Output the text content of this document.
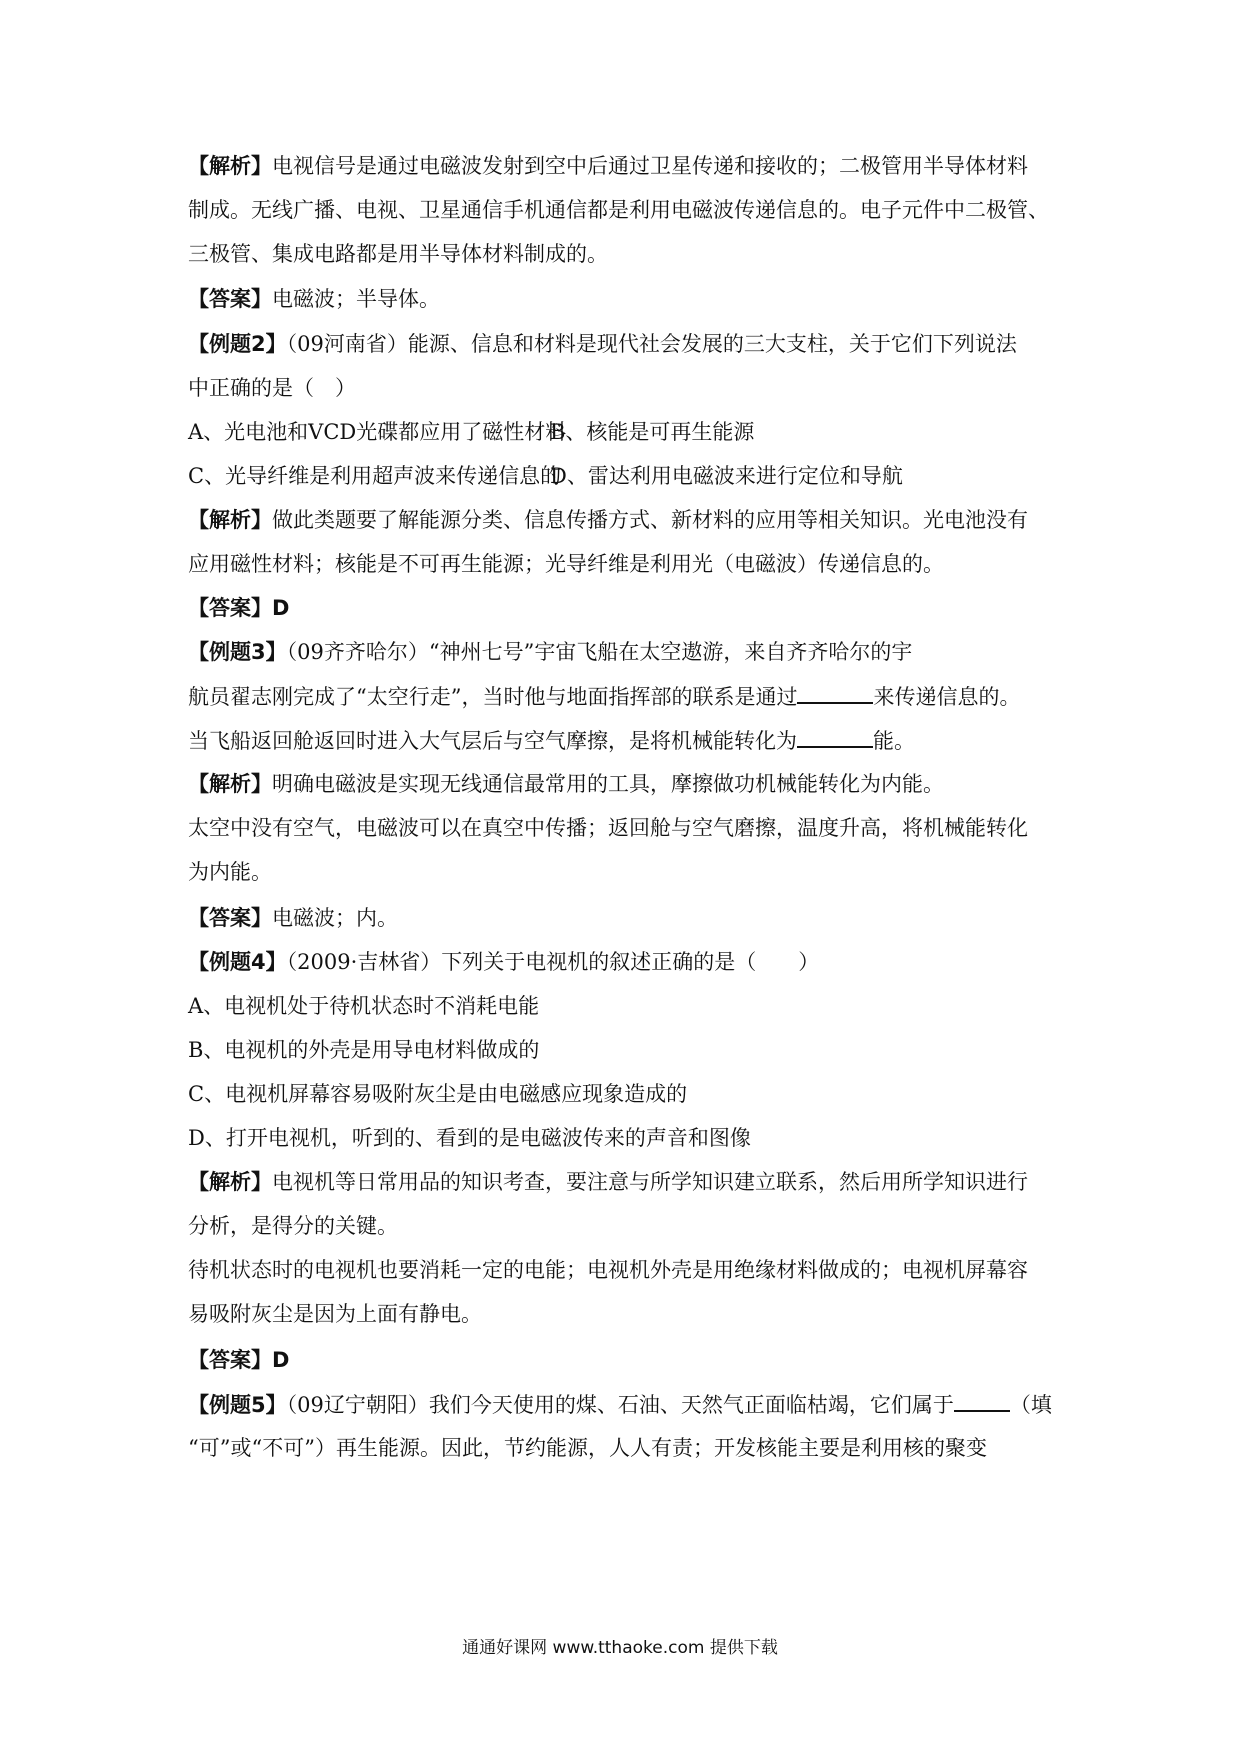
【解析】电视信号是通过电磁波发射到空中后通过卫星传递和接收的；二极管用半导体材料
制成。无线广播、电视、卫星通信手机通信都是利用电磁波传递信息的。电子元件中二极管、
三极管、集成电路都是用半导体材料制成的。
【答案】电磁波；半导体。
【例题2】（09河南省）能源、信息和材料是现代社会发展的三大支柱，关于它们下列说法
中正确的是（　）
A、光电池和VCD光碟都应用了磁性材料
B、核能是可再生能源
C、光导纤维是利用超声波来传递信息的
D、雷达利用电磁波来进行定位和导航
【解析】做此类题要了解能源分类、信息传播方式、新材料的应用等相关知识。光电池没有
应用磁性材料；核能是不可再生能源；光导纤维是利用光（电磁波）传递信息的。
【答案】D
【例题3】（09齐齐哈尔）“神州七号”宇宙飞船在太空遨游，来自齐齐哈尔的宇
航员翟志刚完成了“太空行走”，当时他与地面指挥部的联系是通过	来传递信息的。
当飞船返回舱返回时进入大气层后与空气摩擦，是将机械能转化为	能。
【解析】明确电磁波是实现无线通信最常用的工具，摩擦做功机械能转化为内能。
太空中没有空气，电磁波可以在真空中传播；返回舱与空气磨擦，温度升高，将机械能转化
为内能。
【答案】电磁波；内。
【例题4】（2009·吉林省）下列关于电视机的叙述正确的是（　　）
A、电视机处于待机状态时不消耗电能
B、电视机的外壳是用导电材料做成的
C、电视机屏幕容易吸附灰尘是由电磁感应现象造成的
D、打开电视机，听到的、看到的是电磁波传来的声音和图像
【解析】电视机等日常用品的知识考查，要注意与所学知识建立联系，然后用所学知识进行
分析，是得分的关键。
待机状态时的电视机也要消耗一定的电能；电视机外壳是用绝缘材料做成的；电视机屏幕容
易吸附灰尘是因为上面有静电。
【答案】D
【例题5】（09辽宁朝阳）我们今天使用的煤、石油、天然气正面临枯竭，它们属于	（填
“可”或“不可”）再生能源。因此，节约能源，人人有责；开发核能主要是利用核的聚变
通通好课网 www.tthaoke.com 提供下载
